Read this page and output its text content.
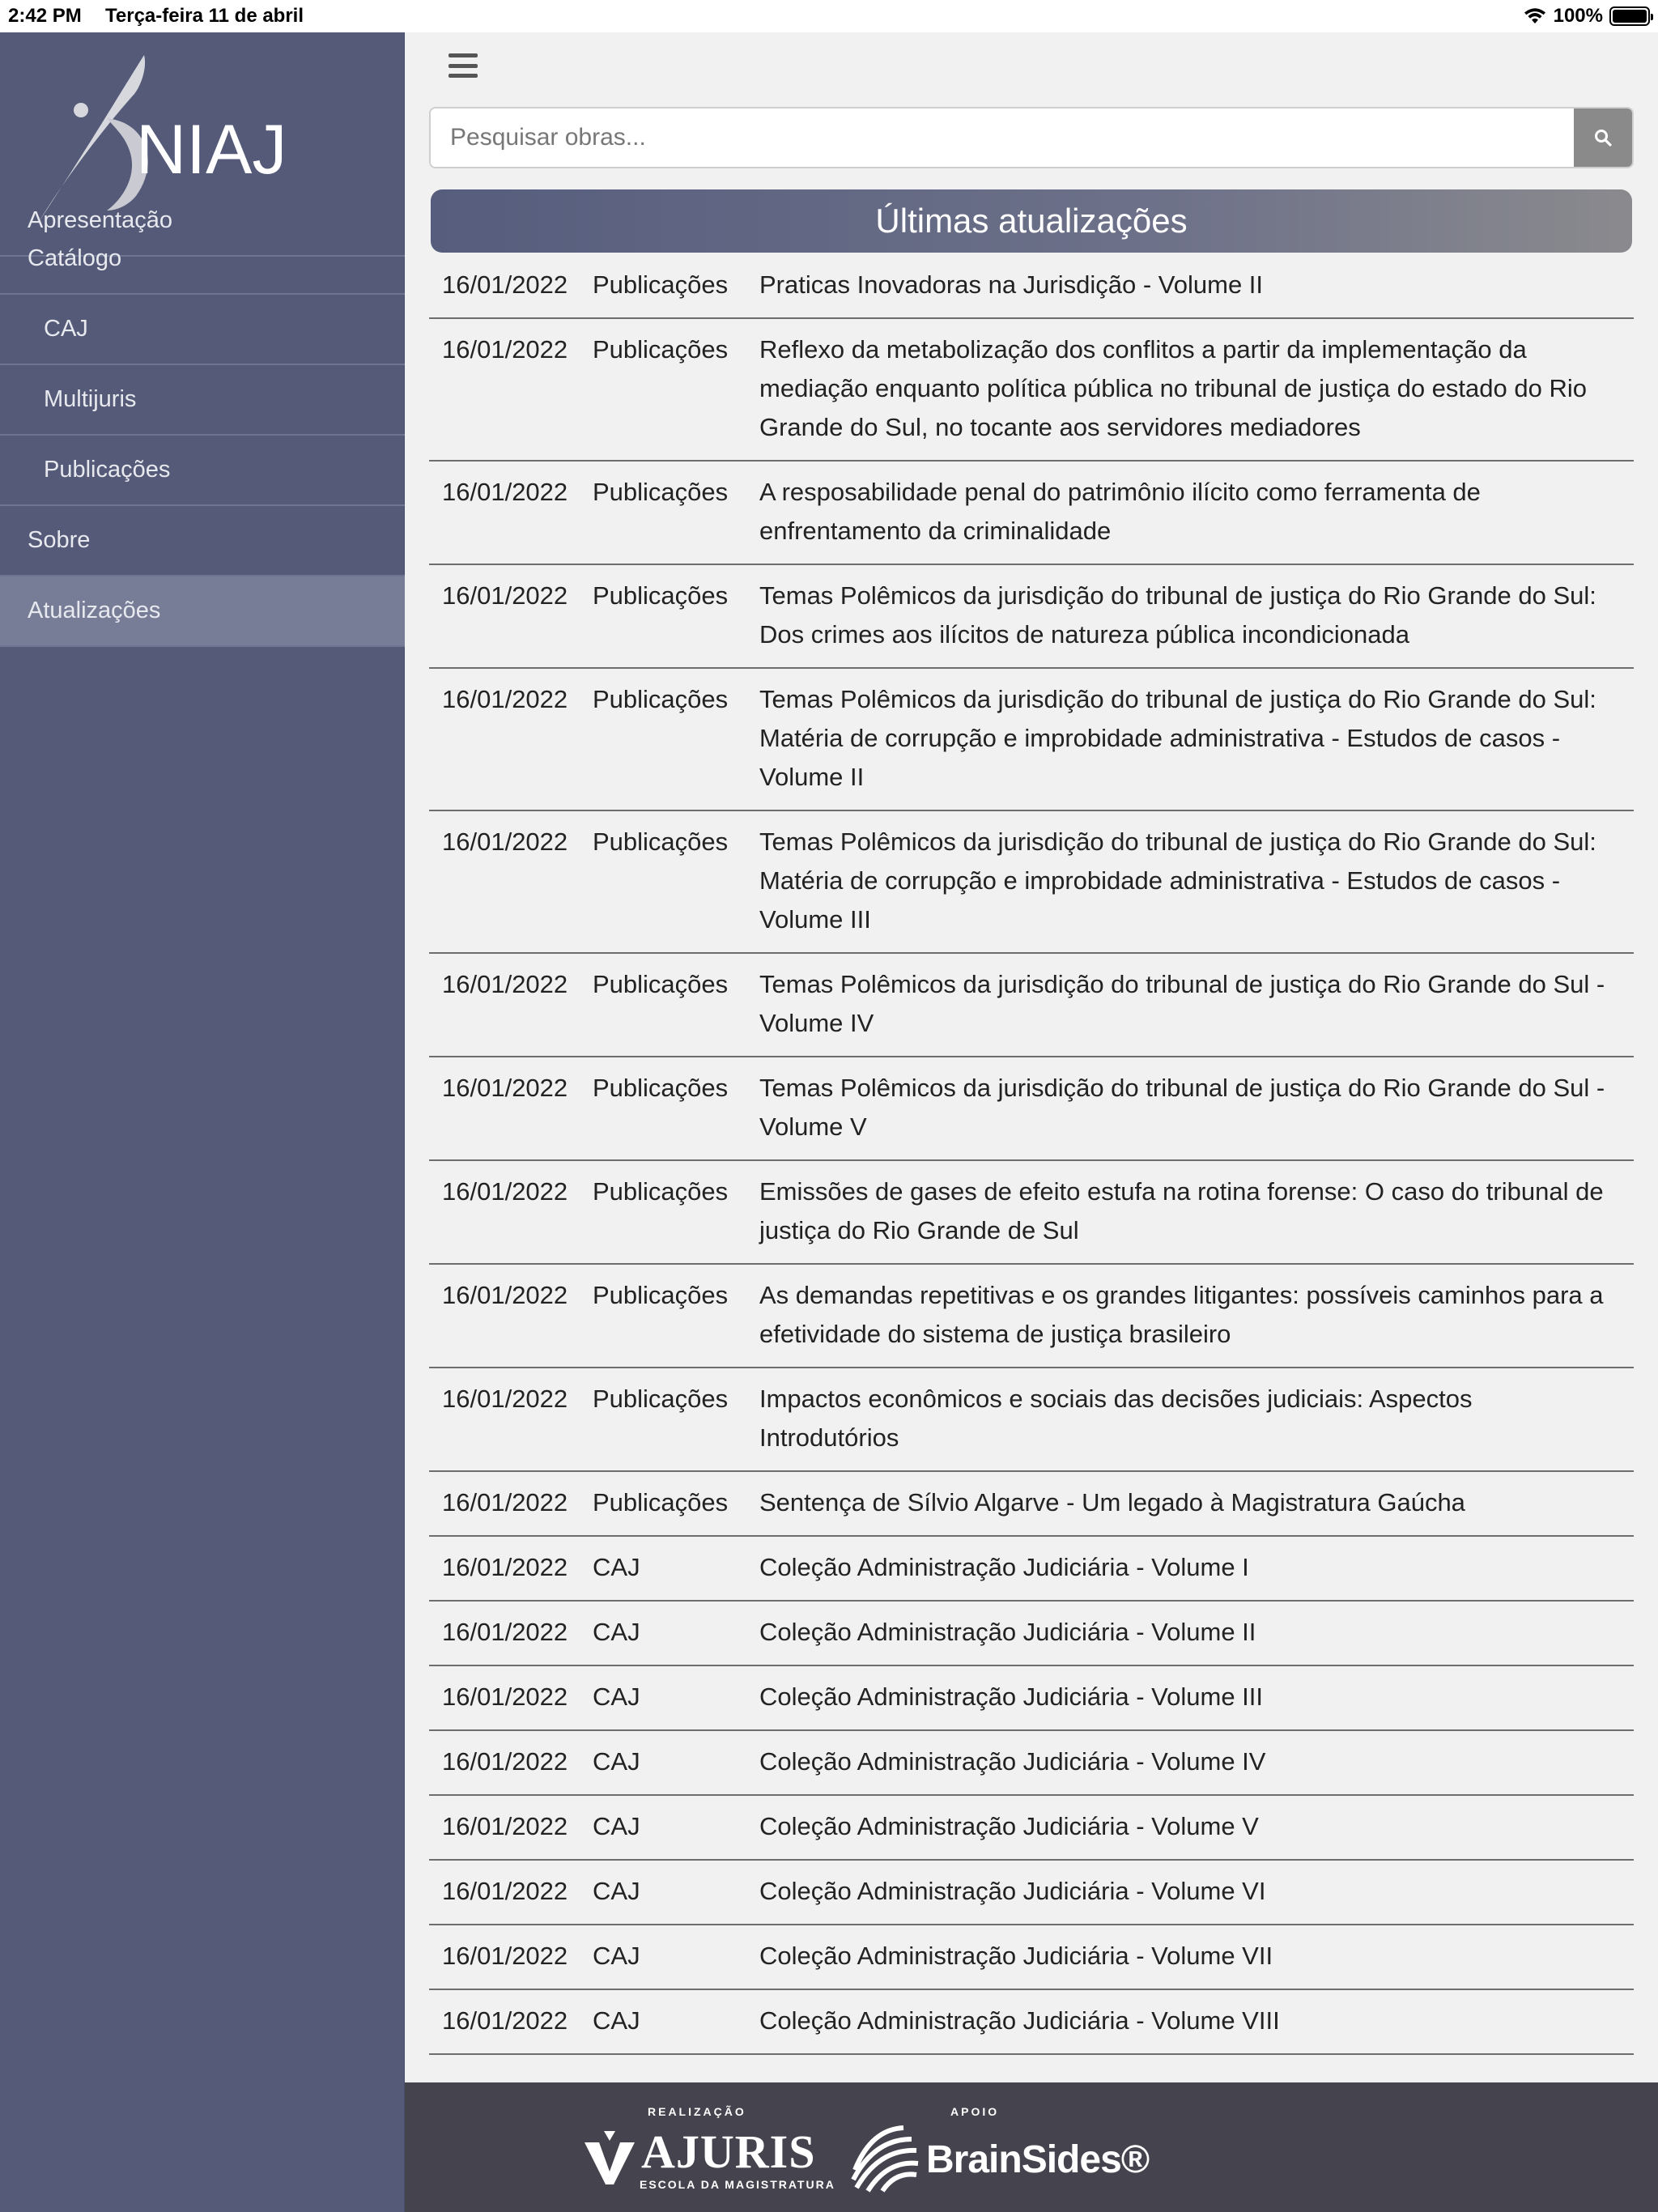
2:42 PM Terça-feira 11 de abril	100%
NIAJ
Apresentação
Catálogo
CAJ
Multijuris
Publicações
Sobre
Atualizações
Pesquisar obras...
Últimas atualizações
16/01/2022 Publicações	Praticas Inovadoras na Jurisdição - Volume II
16/01/2022 Publicações	Reflexo da metabolização dos conflitos a partir da implementação da mediação enquanto política pública no tribunal de justiça do estado do Rio Grande do Sul, no tocante aos servidores mediadores
16/01/2022 Publicações	A resposabilidade penal do patrimônio ilícito como ferramenta de enfrentamento da criminalidade
16/01/2022 Publicações	Temas Polêmicos da jurisdição do tribunal de justiça do Rio Grande do Sul: Dos crimes aos ilícitos de natureza pública incondicionada
16/01/2022 Publicações	Temas Polêmicos da jurisdição do tribunal de justiça do Rio Grande do Sul: Matéria de corrupção e improbidade administrativa - Estudos de casos - Volume II
16/01/2022 Publicações	Temas Polêmicos da jurisdição do tribunal de justiça do Rio Grande do Sul: Matéria de corrupção e improbidade administrativa - Estudos de casos - Volume III
16/01/2022 Publicações	Temas Polêmicos da jurisdição do tribunal de justiça do Rio Grande do Sul - Volume IV
16/01/2022 Publicações	Temas Polêmicos da jurisdição do tribunal de justiça do Rio Grande do Sul - Volume V
16/01/2022 Publicações	Emissões de gases de efeito estufa na rotina forense: O caso do tribunal de justiça do Rio Grande de Sul
16/01/2022 Publicações	As demandas repetitivas e os grandes litigantes: possíveis caminhos para a efetividade do sistema de justiça brasileiro
16/01/2022 Publicações	Impactos econômicos e sociais das decisões judiciais: Aspectos Introdutórios
16/01/2022 Publicações	Sentença de Sílvio Algarve - Um legado à Magistratura Gaúcha
16/01/2022 CAJ	Coleção Administração Judiciária - Volume I
16/01/2022 CAJ	Coleção Administração Judiciária - Volume II
16/01/2022 CAJ	Coleção Administração Judiciária - Volume III
16/01/2022 CAJ	Coleção Administração Judiciária - Volume IV
16/01/2022 CAJ	Coleção Administração Judiciária - Volume V
16/01/2022 CAJ	Coleção Administração Judiciária - Volume VI
16/01/2022 CAJ	Coleção Administração Judiciária - Volume VII
16/01/2022 CAJ	Coleção Administração Judiciária - Volume VIII
REALIZAÇÃO	APOIO
AJURIS
ESCOLA DA MAGISTRATURA
BrainSides®
